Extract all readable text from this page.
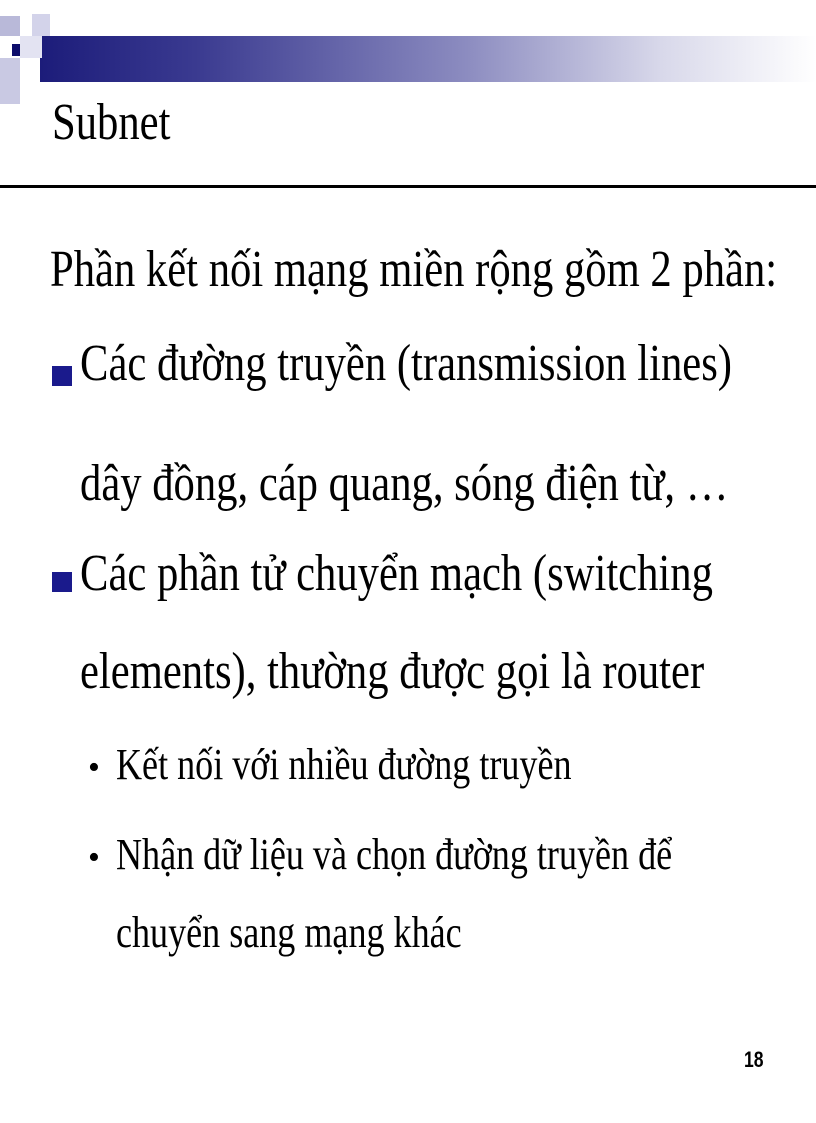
Subnet
Phần kết nối mạng miền rộng gồm 2 phần:
Các đường truyền (transmission lines)
dây đồng, cáp quang, sóng điện từ, …
Các phần tử chuyển mạch (switching
elements), thường được gọi là router
• Kết nối với nhiều đường truyền
• Nhận dữ liệu và chọn đường truyền để
chuyển sang mạng khác
18
